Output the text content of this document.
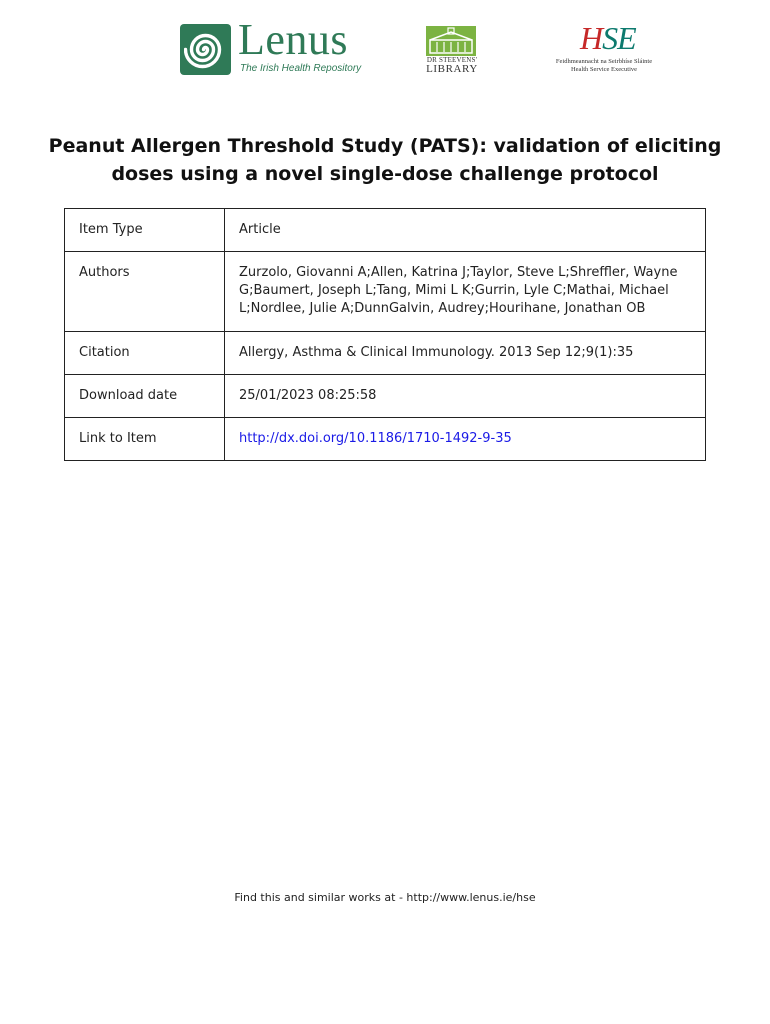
Lenus
The Irish Health Repository
DR STEEVENS'
LIBRARY
HSE
Feidhmeannacht na Seirbhíse Sláinte
Health Service Executive
Peanut Allergen Threshold Study (PATS): validation of eliciting doses using a novel single-dose challenge protocol
Item Type	Article
Authors	Zurzolo, Giovanni A;Allen, Katrina J;Taylor, Steve L;Shreffler, Wayne G;Baumert, Joseph L;Tang, Mimi L K;Gurrin, Lyle C;Mathai, Michael L;Nordlee, Julie A;DunnGalvin, Audrey;Hourihane, Jonathan OB
Citation	Allergy, Asthma & Clinical Immunology. 2013 Sep 12;9(1):35
Download date	25/01/2023 08:25:58
Link to Item	http://dx.doi.org/10.1186/1710-1492-9-35
Find this and similar works at - http://www.lenus.ie/hse
